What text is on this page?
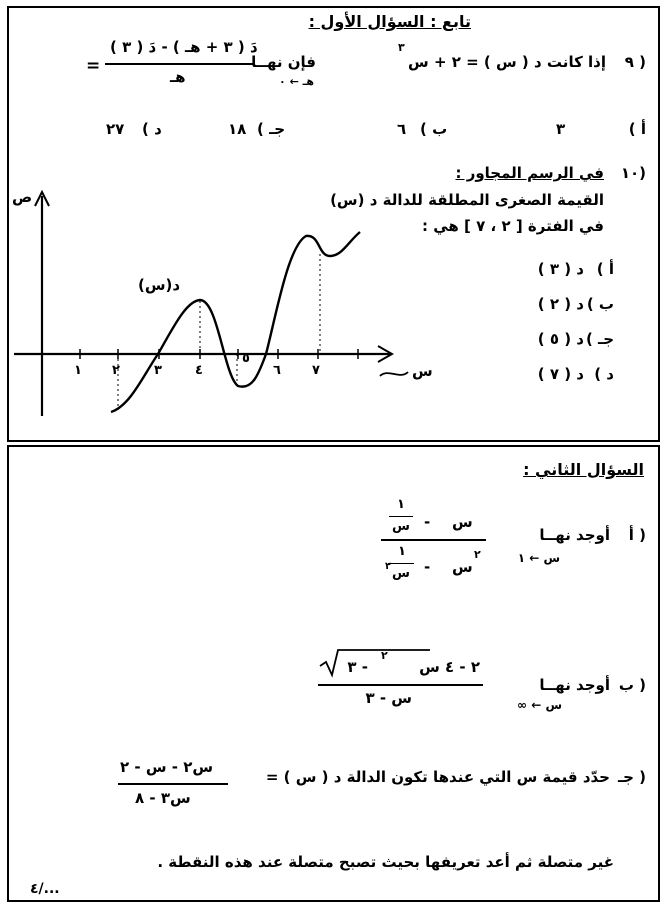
تابع : السؤال الأول :
٩ )
إذا كانت د ( س ) = ٢ + س
٣
فإن نهــا
هـ ← ٠
=
دَ ( ٣ + هـ ) - دَ ( ٣ )
هـ
أ )
٣
ب )
٦
جـ )
١٨
د )
٢٧
١٠)
في الرسم المجاور :
القيمة الصغرى المطلقة للدالة د (س)
في الفترة [ ٢ ، ٧ ] هي :
أ )
د ( ٣ )
ب )
د ( ٢ )
جـ )
د ( ٥ )
د )
د ( ٧ )
ص
س
١ ٢	٣	٤
٥
٦ ٧
د(س)
السؤال الثاني :
أ )
أوجد نهــا
س ← ١
س
-
١
س
س
٢
-
١
س
٢
ب )
أوجد نهــا
س ← ∞
٢ - ٤ س
٢
- ٣
س - ٣
جـ )
حدّد قيمة س التي عندها تكون الدالة د ( س ) =
س٢ - س - ٢
س٣ - ٨
غير متصلة ثم أعد تعريفها بحيث تصبح متصلة عند هذه النقطة .
٤/...
